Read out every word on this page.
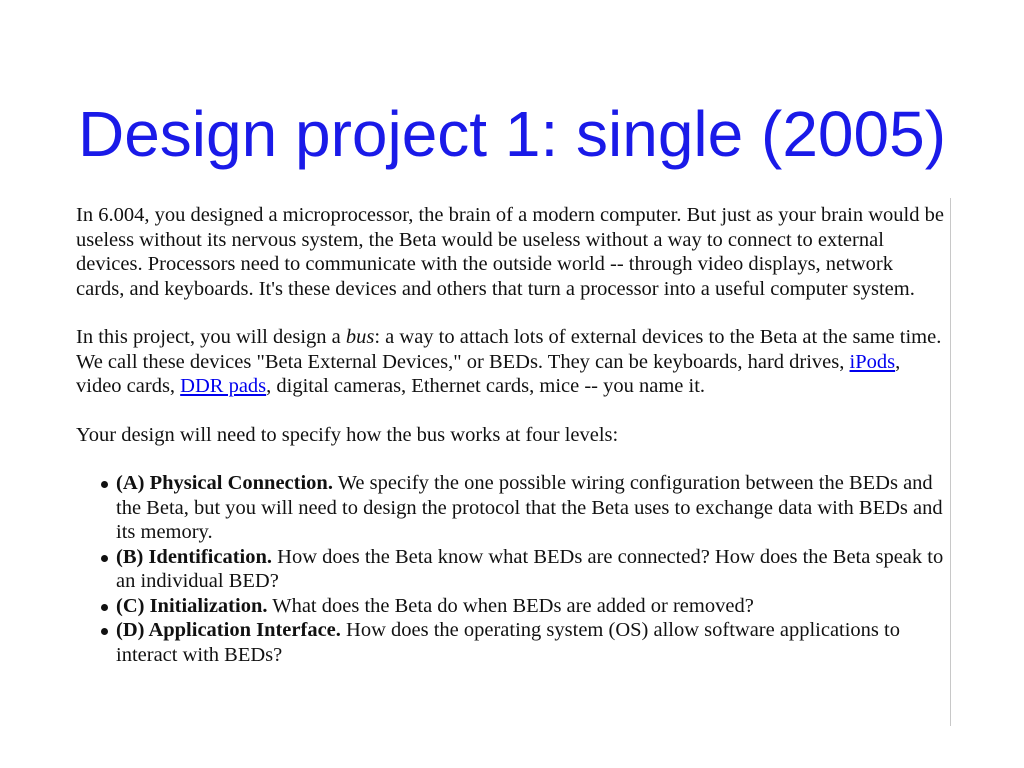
Design project 1: single (2005)

In 6.004, you designed a microprocessor, the brain of a modern computer. But just as your brain would be useless without its nervous system, the Beta would be useless without a way to connect to external devices. Processors need to communicate with the outside world -- through video displays, network cards, and keyboards. It's these devices and others that turn a processor into a useful computer system.

In this project, you will design a bus: a way to attach lots of external devices to the Beta at the same time. We call these devices "Beta External Devices," or BEDs. They can be keyboards, hard drives, iPods, video cards, DDR pads, digital cameras, Ethernet cards, mice -- you name it.

Your design will need to specify how the bus works at four levels:

(A) Physical Connection. We specify the one possible wiring configuration between the BEDs and the Beta, but you will need to design the protocol that the Beta uses to exchange data with BEDs and its memory.
(B) Identification. How does the Beta know what BEDs are connected? How does the Beta speak to an individual BED?
(C) Initialization. What does the Beta do when BEDs are added or removed?
(D) Application Interface. How does the operating system (OS) allow software applications to interact with BEDs?
